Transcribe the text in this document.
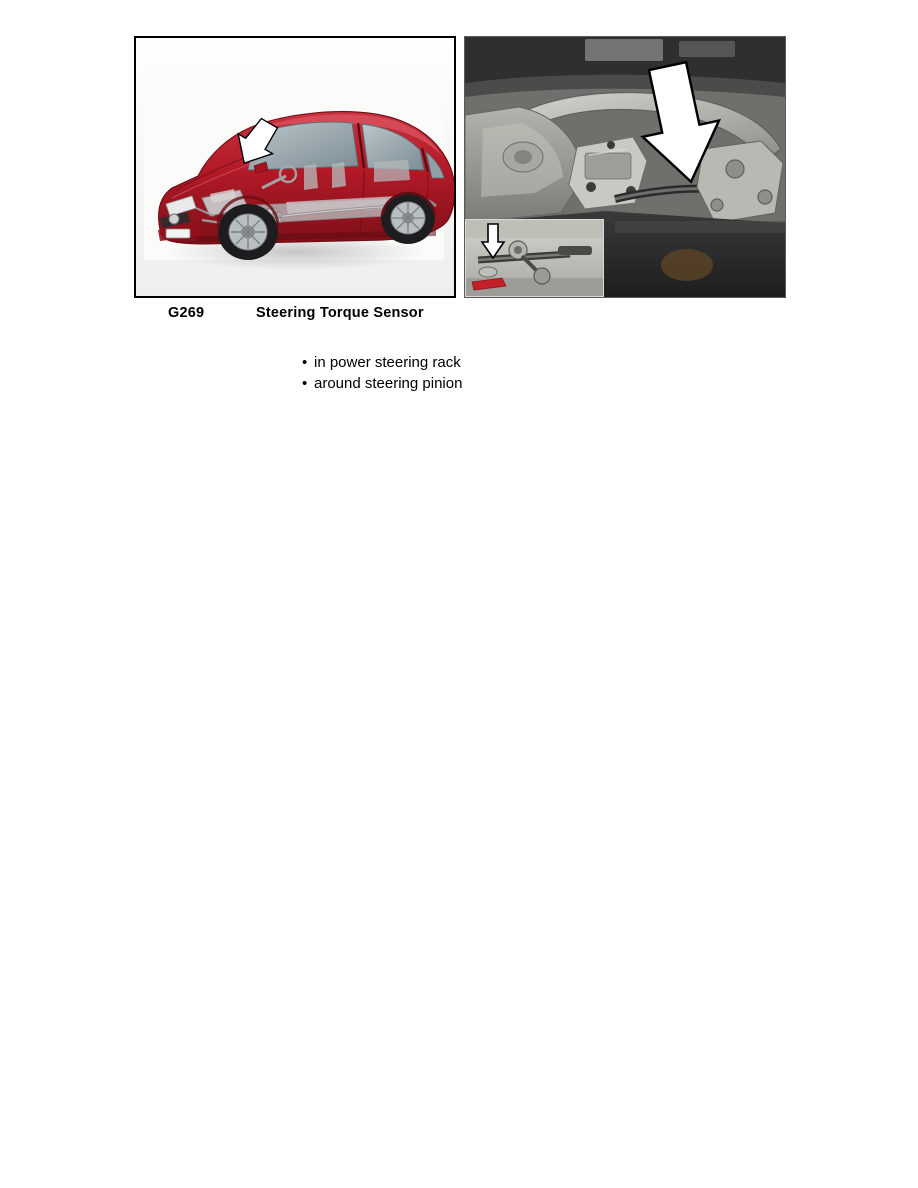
G269	Steering Torque Sensor
• in power steering rack
• around steering pinion
